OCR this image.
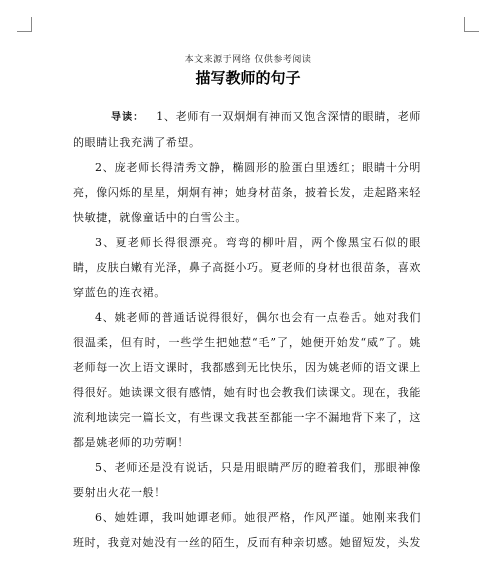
本文来源于网络 仅供参考阅读
描写教师的句子

导读： 1、老师有一双炯炯有神而又饱含深情的眼睛，老师的眼睛让我充满了希望。

2、庞老师长得清秀文静，椭圆形的脸蛋白里透红；眼睛十分明亮，像闪烁的星星，炯炯有神；她身材苗条，披着长发，走起路来轻快敏捷，就像童话中的白雪公主。

3、夏老师长得很漂亮。弯弯的柳叶眉，两个像黑宝石似的眼睛，皮肤白嫩有光泽，鼻子高挺小巧。夏老师的身材也很苗条，喜欢穿蓝色的连衣裙。

4、姚老师的普通话说得很好，偶尔也会有一点卷舌。她对我们很温柔，但有时，一些学生把她惹“毛”了，她便开始发“威”了。姚老师每一次上语文课时，我都感到无比快乐，因为姚老师的语文课上得很好。她读课文很有感情，她有时也会教我们读课文。现在，我能流利地读完一篇长文，有些课文我甚至都能一字不漏地背下来了，这都是姚老师的功劳啊！

5、老师还是没有说话，只是用眼睛严厉的瞪着我们，那眼神像要射出火花一般！

6、她姓谭，我叫她谭老师。她很严格，作风严谨。她刚来我们班时，我竟对她没有一丝的陌生，反而有种亲切感。她留短发，头发
